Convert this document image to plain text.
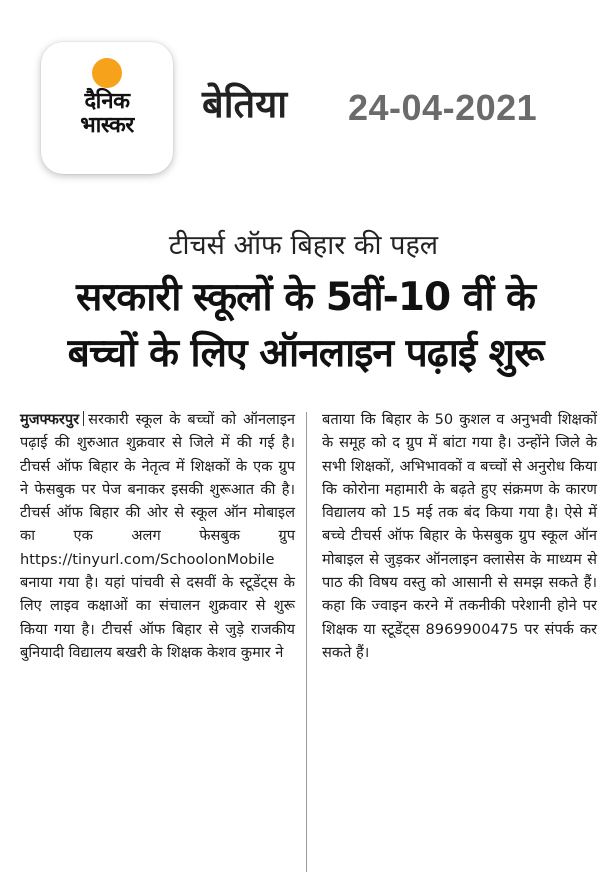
दैनिक
भास्कर	बेतिया 24-04-2021
टीचर्स ऑफ बिहार की पहल
सरकारी स्कूलों के 5वीं-10 वीं के
बच्चों के लिए ऑनलाइन पढ़ाई शुरू

मुजफ्फरपुर सरकारी स्कूल के बच्चों को ऑनलाइन पढ़ाई की शुरुआत शुक्रवार से जिले में की गई है। टीचर्स ऑफ बिहार के नेतृत्व में शिक्षकों के एक ग्रुप ने फेसबुक पर पेज बनाकर इसकी शुरूआत की है। टीचर्स ऑफ बिहार की ओर से स्कूल ऑन मोबाइल का एक अलग फेसबुक ग्रुप https://tinyurl.com/SchoolonMobile बनाया गया है। यहां पांचवी से दसवीं के स्टूडेंट्स के लिए लाइव कक्षाओं का संचालन शुक्रवार से शुरू किया गया है। टीचर्स ऑफ बिहार से जुड़े राजकीय बुनियादी विद्यालय बखरी के शिक्षक केशव कुमार ने

बताया कि बिहार के 50 कुशल व अनुभवी शिक्षकों के समूह को द ग्रुप में बांटा गया है। उन्होंने जिले के सभी शिक्षकों, अभिभावकों व बच्चों से अनुरोध किया कि कोरोना महामारी के बढ़ते हुए संक्रमण के कारण विद्यालय को 15 मई तक बंद किया गया है। ऐसे में बच्चे टीचर्स ऑफ बिहार के फेसबुक ग्रुप स्कूल ऑन मोबाइल से जुड़कर ऑनलाइन क्लासेस के माध्यम से पाठ की विषय वस्तु को आसानी से समझ सकते हैं। कहा कि ज्वाइन करने में तकनीकी परेशानी होने पर शिक्षक या स्टूडेंट्स 8969900475 पर संपर्क कर सकते हैं।
